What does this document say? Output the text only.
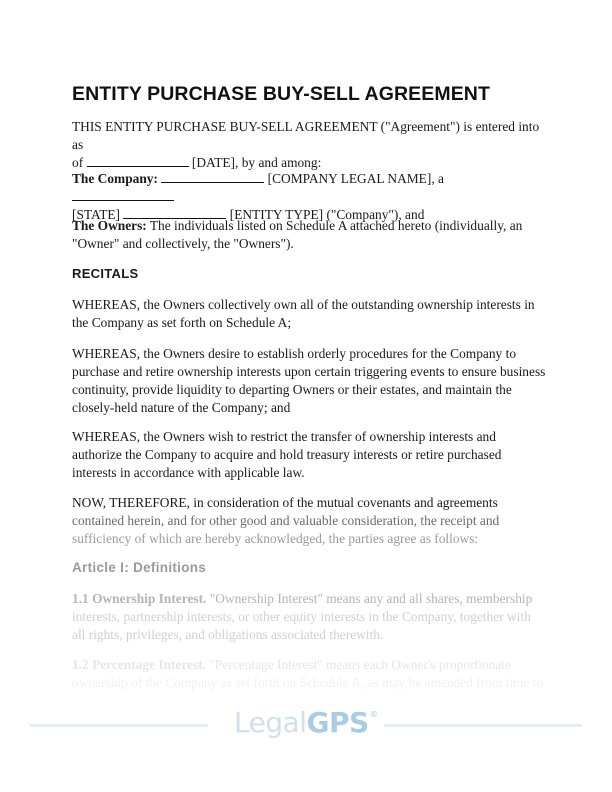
ENTITY PURCHASE BUY-SELL AGREEMENT

THIS ENTITY PURCHASE BUY-SELL AGREEMENT ("Agreement") is entered into as
of	[DATE], by and among:

The Company:	[COMPANY LEGAL NAME], a
[STATE]	[ENTITY TYPE] ("Company"), and

The Owners: The individuals listed on Schedule A attached hereto (individually, an "Owner" and collectively, the "Owners").

RECITALS

WHEREAS, the Owners collectively own all of the outstanding ownership interests in the Company as set forth on Schedule A;

WHEREAS, the Owners desire to establish orderly procedures for the Company to purchase and retire ownership interests upon certain triggering events to ensure business continuity, provide liquidity to departing Owners or their estates, and maintain the closely-held nature of the Company; and

WHEREAS, the Owners wish to restrict the transfer of ownership interests and authorize the Company to acquire and hold treasury interests or retire purchased interests in accordance with applicable law.

NOW, THEREFORE, in consideration of the mutual covenants and agreements
contained herein, and for other good and valuable consideration, the receipt and
sufficiency of which are hereby acknowledged, the parties agree as follows:

Article I: Definitions

1.1 Ownership Interest. "Ownership Interest" means any and all shares, membership
interests, partnership interests, or other equity interests in the Company, together with
all rights, privileges, and obligations associated therewith.

1.2 Percentage Interest. "Percentage Interest" means each Owner's proportionate
ownership of the Company as set forth on Schedule A, as may be amended from time to

LegalGPS®
